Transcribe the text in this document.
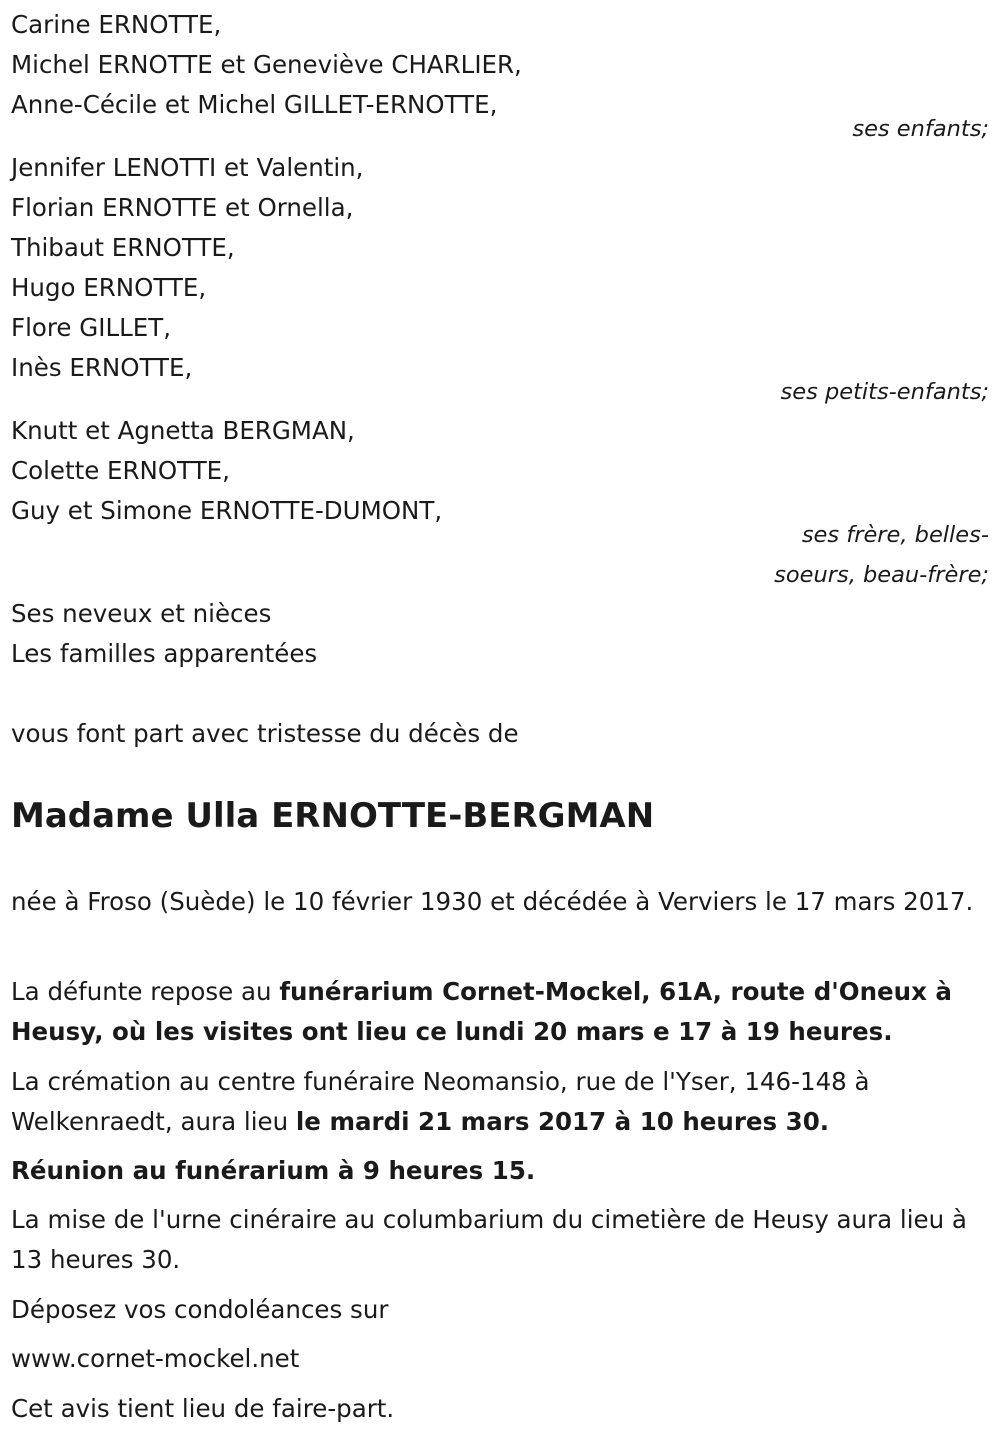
Carine ERNOTTE,
Michel ERNOTTE et Geneviève CHARLIER,
Anne-Cécile et Michel GILLET-ERNOTTE,
ses enfants;
Jennifer LENOTTI et Valentin,
Florian ERNOTTE et Ornella,
Thibaut ERNOTTE,
Hugo ERNOTTE,
Flore GILLET,
Inès ERNOTTE,
ses petits-enfants;
Knutt et Agnetta BERGMAN,
Colette ERNOTTE,
Guy et Simone ERNOTTE-DUMONT,
ses frère, belles-
soeurs, beau-frère;
Ses neveux et nièces
Les familles apparentées
vous font part avec tristesse du décès de
Madame Ulla ERNOTTE-BERGMAN
née à Froso (Suède) le 10 février 1930 et décédée à Verviers le 17 mars 2017.
La défunte repose au funérarium Cornet-Mockel, 61A, route d'Oneux à Heusy, où les visites ont lieu ce lundi 20 mars e 17 à 19 heures.
La crémation au centre funéraire Neomansio, rue de l'Yser, 146-148 à Welkenraedt, aura lieu le mardi 21 mars 2017 à 10 heures 30.
Réunion au funérarium à 9 heures 15.
La mise de l'urne cinéraire au columbarium du cimetière de Heusy aura lieu à 13 heures 30.
Déposez vos condoléances sur
www.cornet-mockel.net
Cet avis tient lieu de faire-part.
